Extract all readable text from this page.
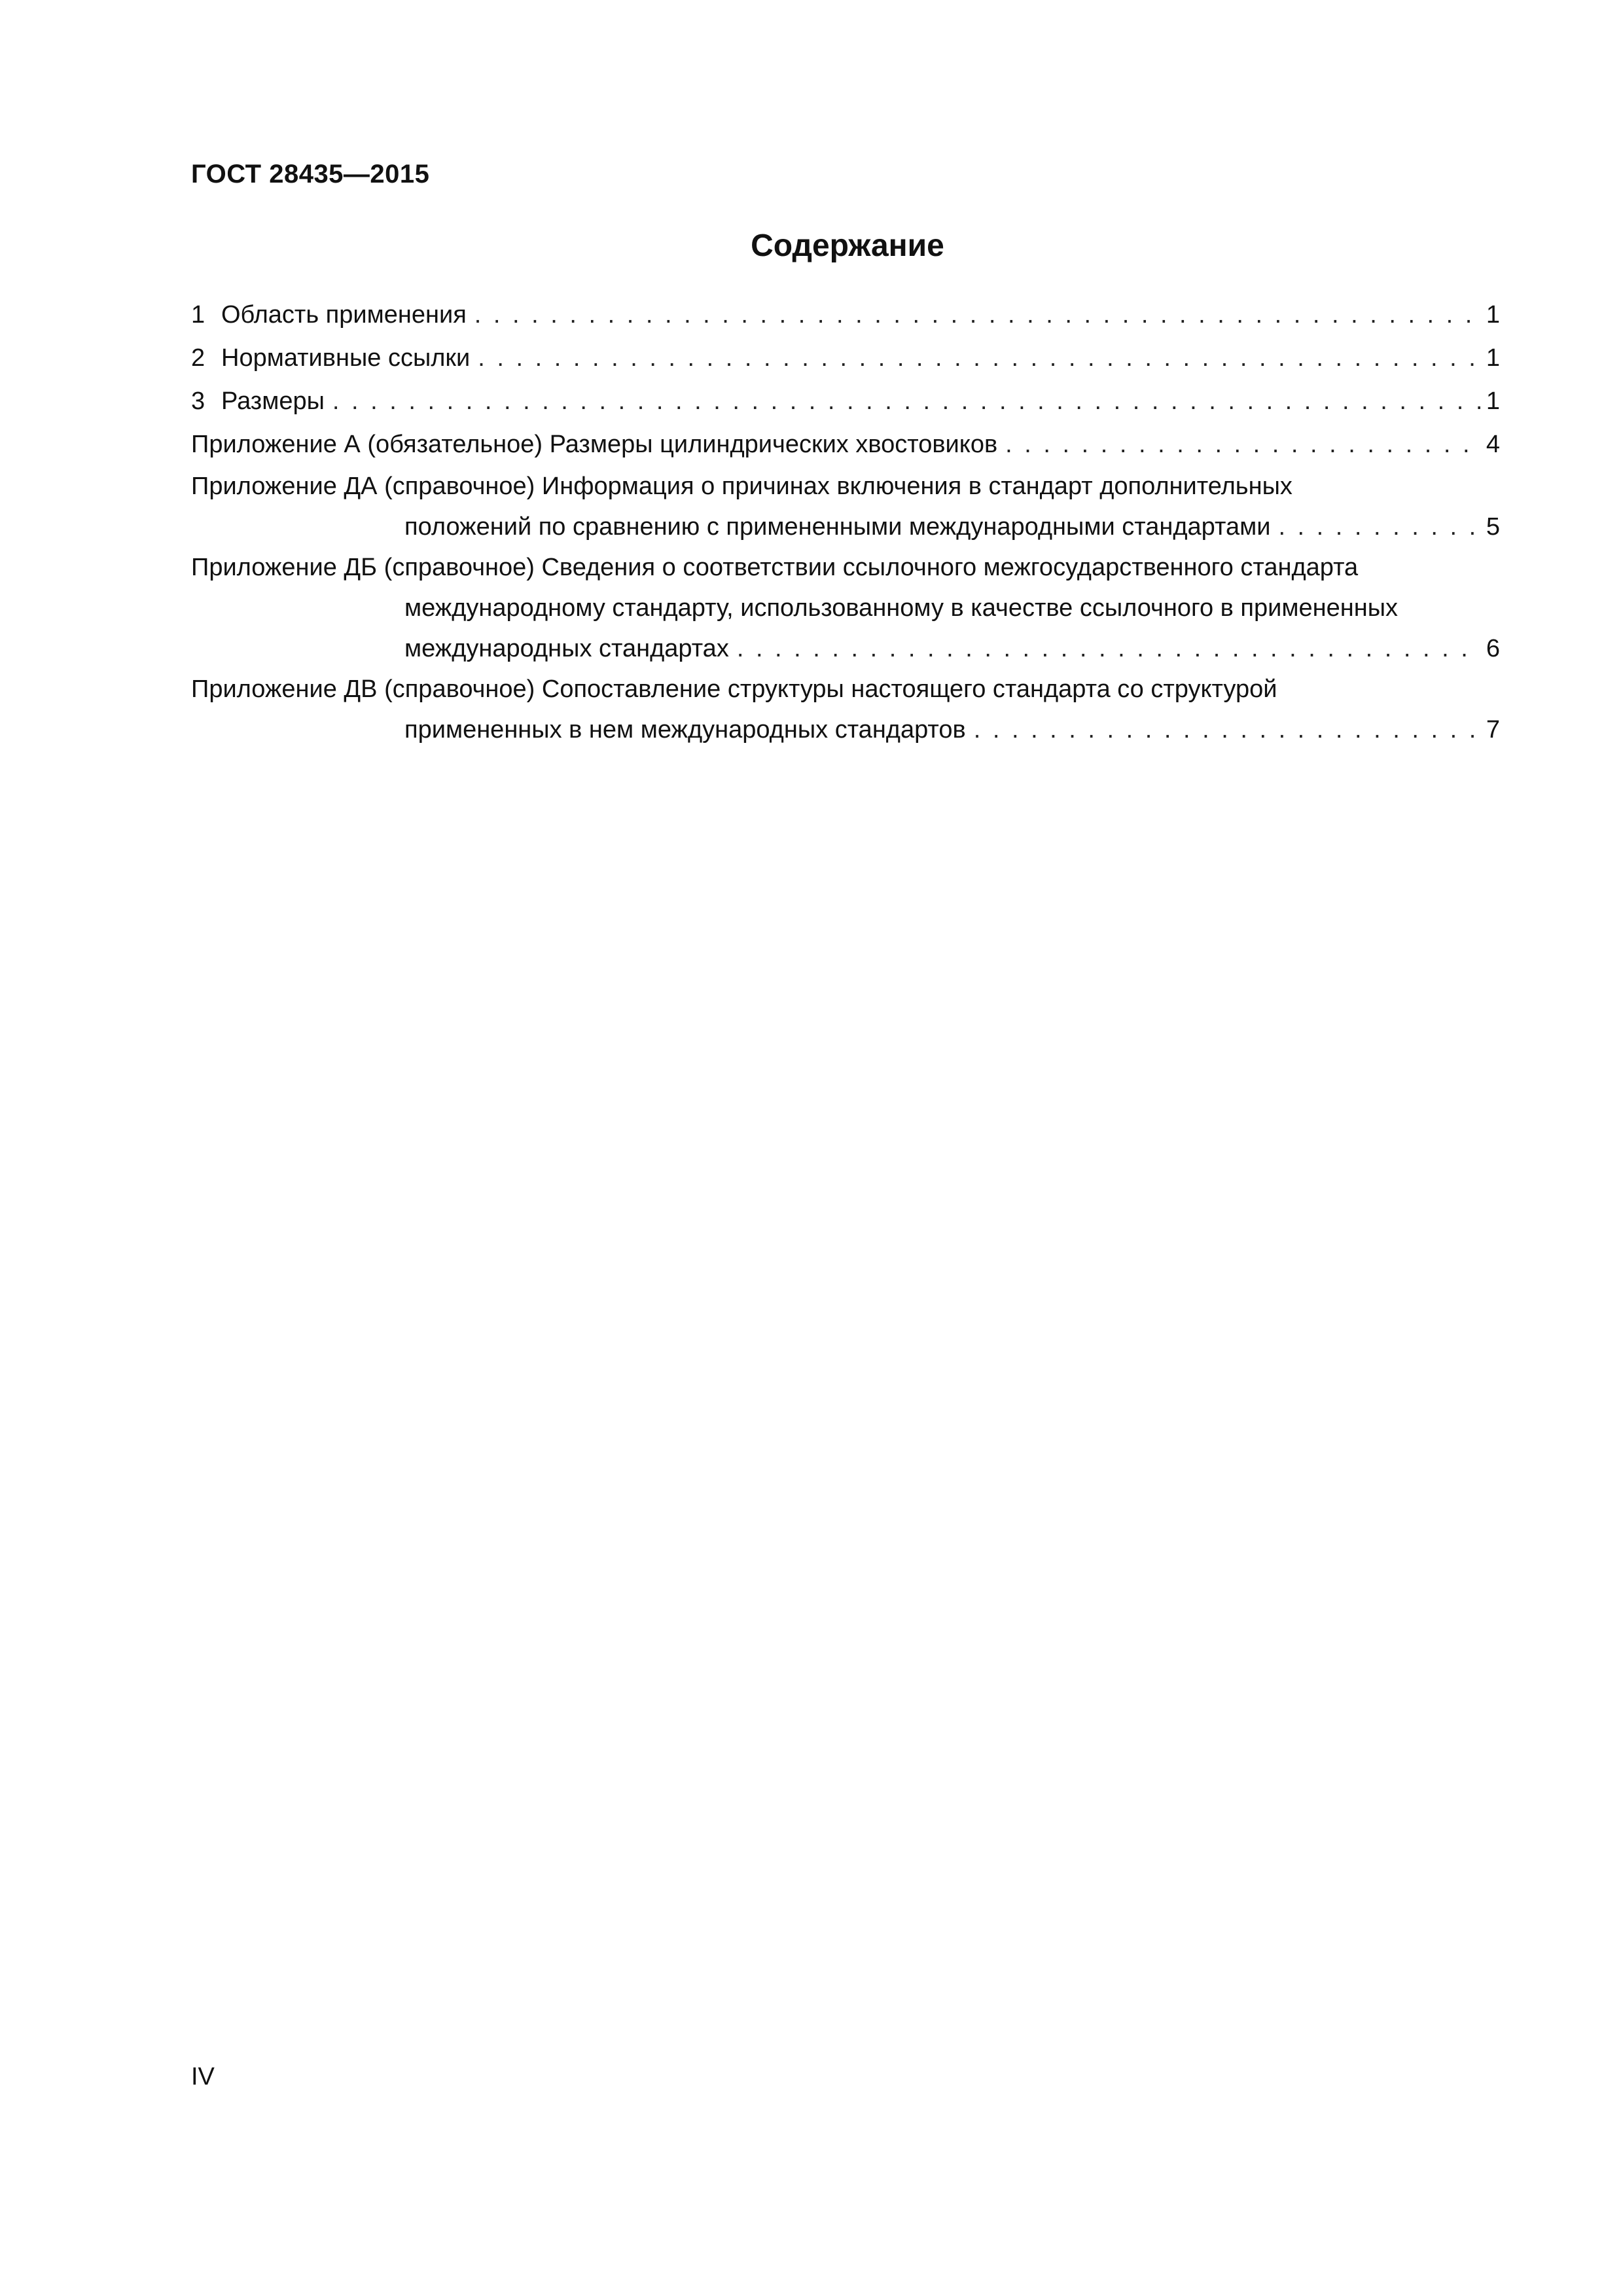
ГОСТ 28435—2015
Содержание
1 Область применения . . .	1
2 Нормативные ссылки . . .	1
3 Размеры . . .	1
Приложение А (обязательное) Размеры цилиндрических хвостовиков . . .	4
Приложение ДА (справочное) Информация о причинах включения в стандарт дополнительных
положений по сравнению с примененными международными стандартами . . .	5
Приложение ДБ (справочное) Сведения о соответствии ссылочного межгосударственного стандарта
международному стандарту, использованному в качестве ссылочного в примененных
международных стандартах . . .	6
Приложение ДВ (справочное) Сопоставление структуры настоящего стандарта со структурой
примененных в нем международных стандартов . . .	7
IV
